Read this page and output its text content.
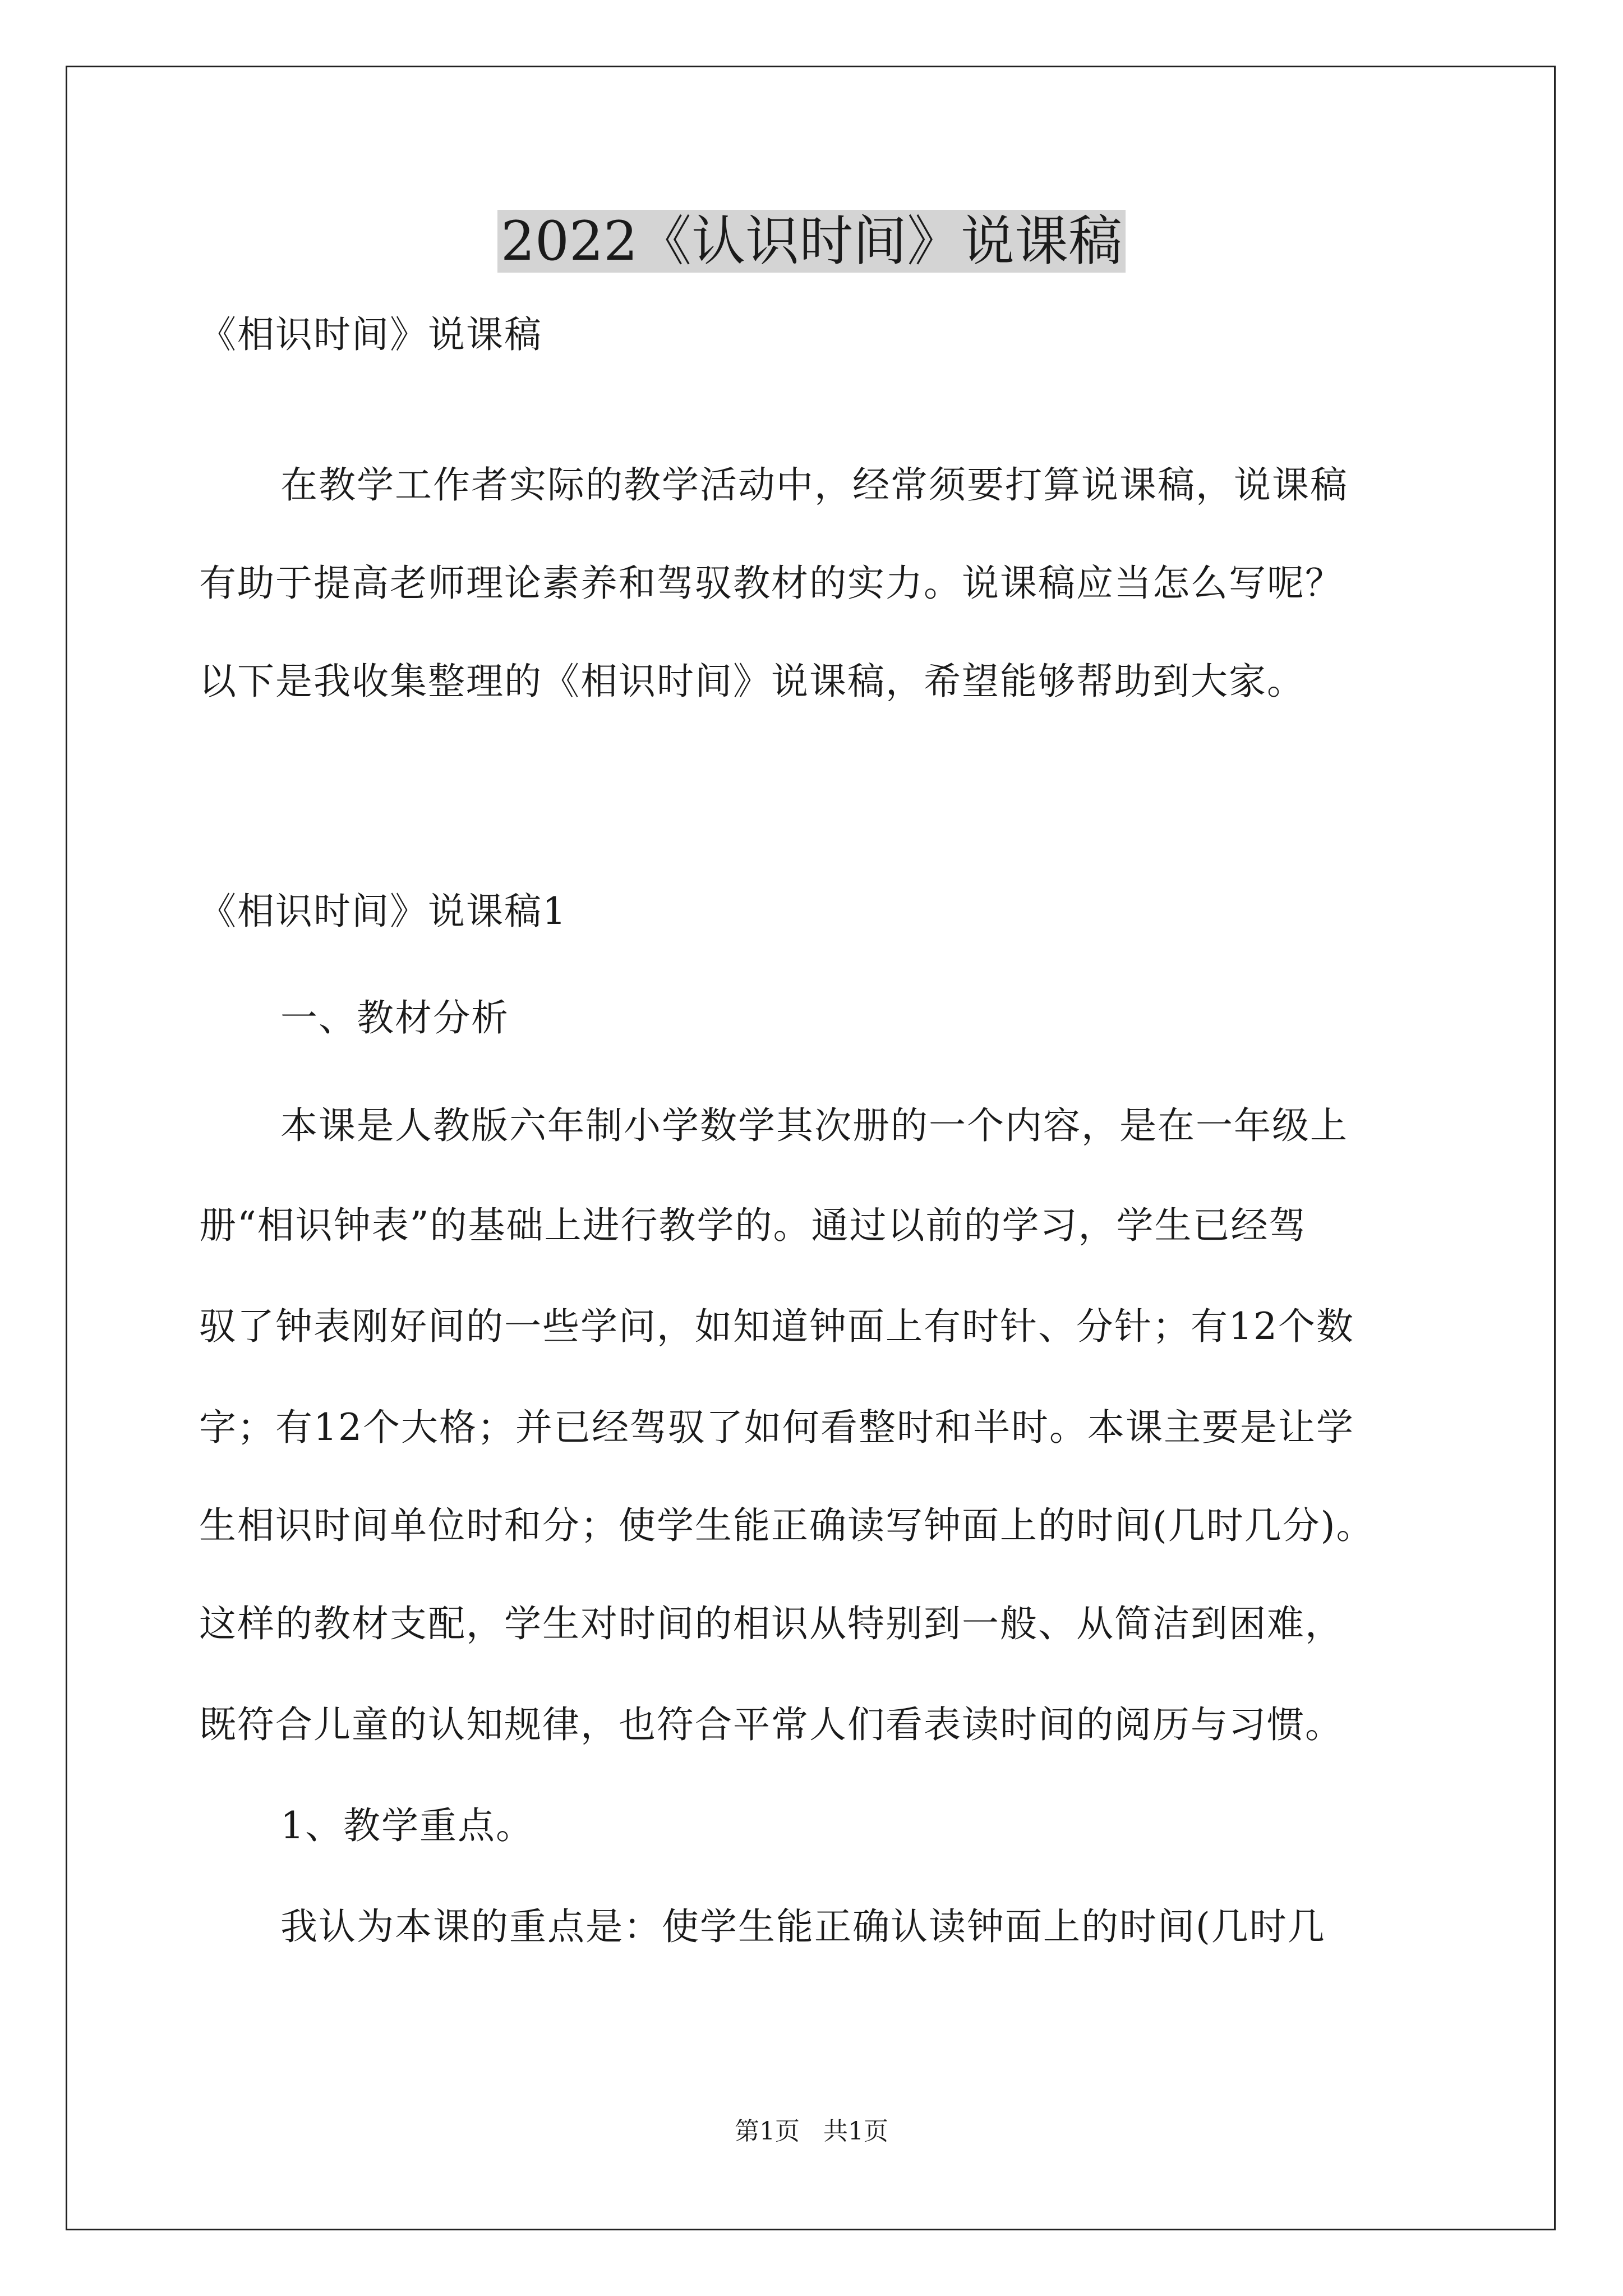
2022《认识时间》说课稿
《相识时间》说课稿
在教学工作者实际的教学活动中，经常须要打算说课稿，说课稿
有助于提高老师理论素养和驾驭教材的实力。说课稿应当怎么写呢？
以下是我收集整理的《相识时间》说课稿，希望能够帮助到大家。
《相识时间》说课稿1
一、教材分析
本课是人教版六年制小学数学其次册的一个内容，是在一年级上
册“相识钟表”的基础上进行教学的。通过以前的学习，学生已经驾
驭了钟表刚好间的一些学问，如知道钟面上有时针、分针；有12个数
字；有12个大格；并已经驾驭了如何看整时和半时。本课主要是让学
生相识时间单位时和分；使学生能正确读写钟面上的时间(几时几分)。
这样的教材支配，学生对时间的相识从特别到一般、从简洁到困难，
既符合儿童的认知规律，也符合平常人们看表读时间的阅历与习惯。
1、教学重点。
我认为本课的重点是：使学生能正确认读钟面上的时间(几时几
第1页   共1页
